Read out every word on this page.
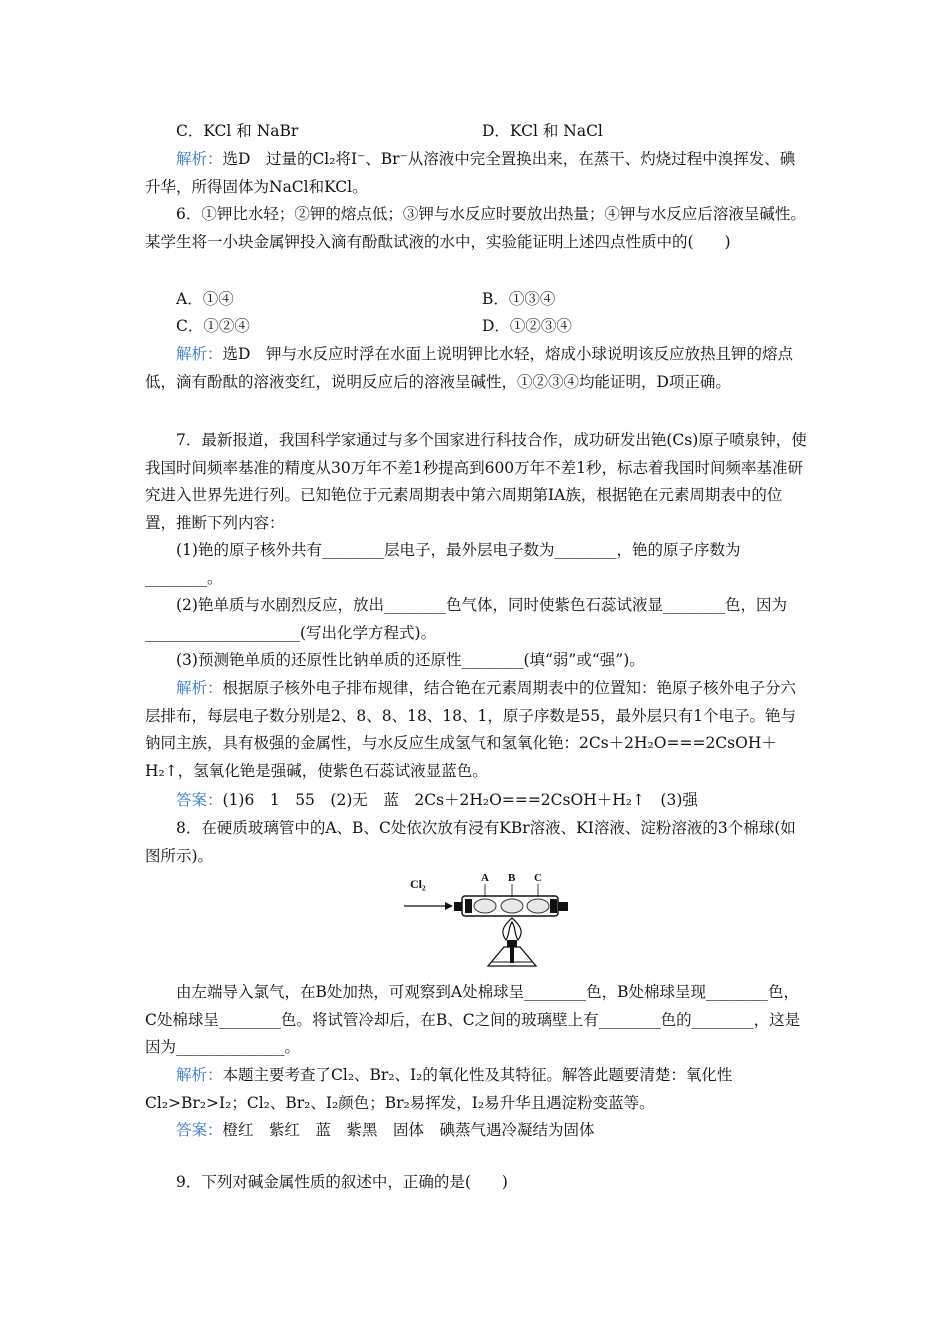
C．KCl 和 NaBr	D．KCl 和 NaCl

解析：选D　过量的Cl₂将I⁻、Br⁻从溶液中完全置换出来，在蒸干、灼烧过程中溴挥发、碘升华，所得固体为NaCl和KCl。

6．①钾比水轻；②钾的熔点低；③钾与水反应时要放出热量；④钾与水反应后溶液呈碱性。某学生将一小块金属钾投入滴有酚酞试液的水中，实验能证明上述四点性质中的(　　)

A．①④	B．①③④
C．①②④	D．①②③④

解析：选D　钾与水反应时浮在水面上说明钾比水轻，熔成小球说明该反应放热且钾的熔点低，滴有酚酞的溶液变红，说明反应后的溶液呈碱性，①②③④均能证明，D项正确。

7．最新报道，我国科学家通过与多个国家进行科技合作，成功研发出铯(Cs)原子喷泉钟，使我国时间频率基准的精度从30万年不差1秒提高到600万年不差1秒，标志着我国时间频率基准研究进入世界先进行列。已知铯位于元素周期表中第六周期第ⅠA族，根据铯在元素周期表中的位置，推断下列内容：

(1)铯的原子核外共有________层电子，最外层电子数为________，铯的原子序数为________。

(2)铯单质与水剧烈反应，放出________色气体，同时使紫色石蕊试液显________色，因为____________________(写出化学方程式)。

(3)预测铯单质的还原性比钠单质的还原性________(填“弱”或“强”)。

解析：根据原子核外电子排布规律，结合铯在元素周期表中的位置知：铯原子核外电子分六层排布，每层电子数分别是2、8、8、18、18、1，原子序数是55，最外层只有1个电子。铯与钠同主族，具有极强的金属性，与水反应生成氢气和氢氧化铯：2Cs＋2H₂O===2CsOH＋H₂↑，氢氧化铯是强碱，使紫色石蕊试液显蓝色。

答案：(1)6　1　55　(2)无　蓝　2Cs＋2H₂O===2CsOH＋H₂↑　(3)强

8．在硬质玻璃管中的A、B、C处依次放有浸有KBr溶液、KI溶液、淀粉溶液的3个棉球(如图所示)。

Cl₂	A B C

由左端导入氯气，在B处加热，可观察到A处棉球呈________色，B处棉球呈现________色，C处棉球呈________色。将试管冷却后，在B、C之间的玻璃壁上有________色的________，这是因为______________。

解析：本题主要考查了Cl₂、Br₂、I₂的氧化性及其特征。解答此题要清楚：氧化性Cl₂>Br₂>I₂；Cl₂、Br₂、I₂颜色；Br₂易挥发，I₂易升华且遇淀粉变蓝等。

答案：橙红　紫红　蓝　紫黑　固体　碘蒸气遇冷凝结为固体

9．下列对碱金属性质的叙述中，正确的是(　　)
